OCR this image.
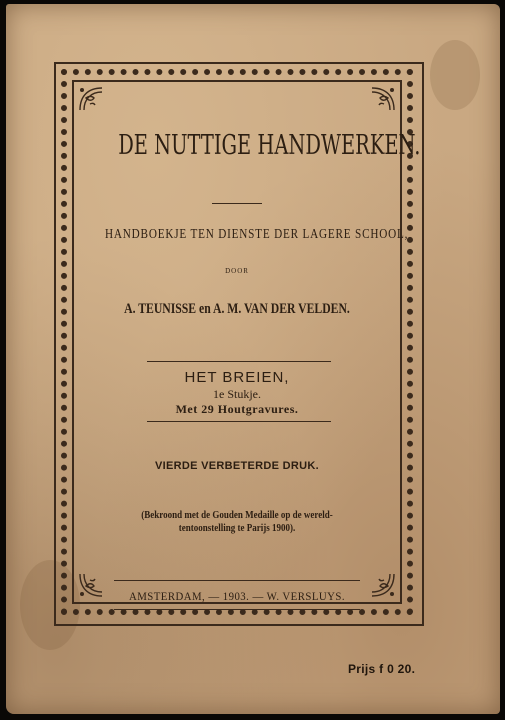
DE NUTTIGE HANDWERKEN.
HANDBOEKJE TEN DIENSTE DER LAGERE SCHOOL,
DOOR
A. TEUNISSE en A. M. VAN DER VELDEN.
HET BREIEN,
1e Stukje.
Met 29 Houtgravures.
VIERDE VERBETERDE DRUK.
(Bekroond met de Gouden Medaille op de wereld-
tentoonstelling te Parijs 1900).
AMSTERDAM, — 1903. — W. VERSLUYS.
Prijs f 0 20.
